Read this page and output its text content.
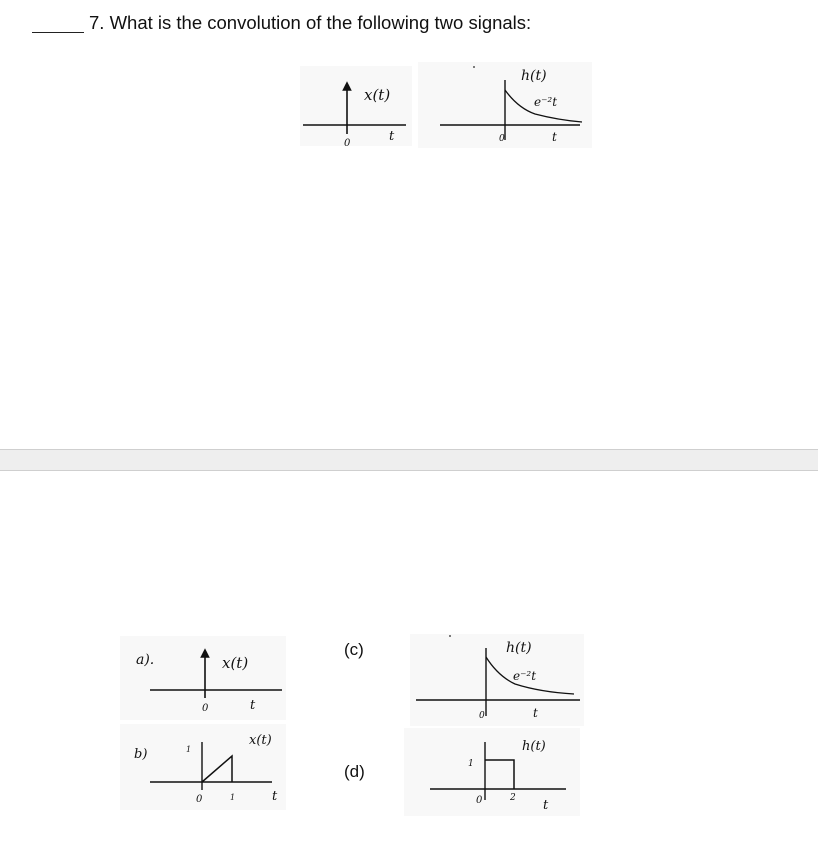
7. What is the convolution of the following two signals:
(c)
(d)
x(t)
0	t
h(t)
e⁻²t
0	t
a).	x(t)
0	t
b)
x(t)
1
0	1	t
h(t)
e⁻²t
0	t
h(t)
1
0	2 t
